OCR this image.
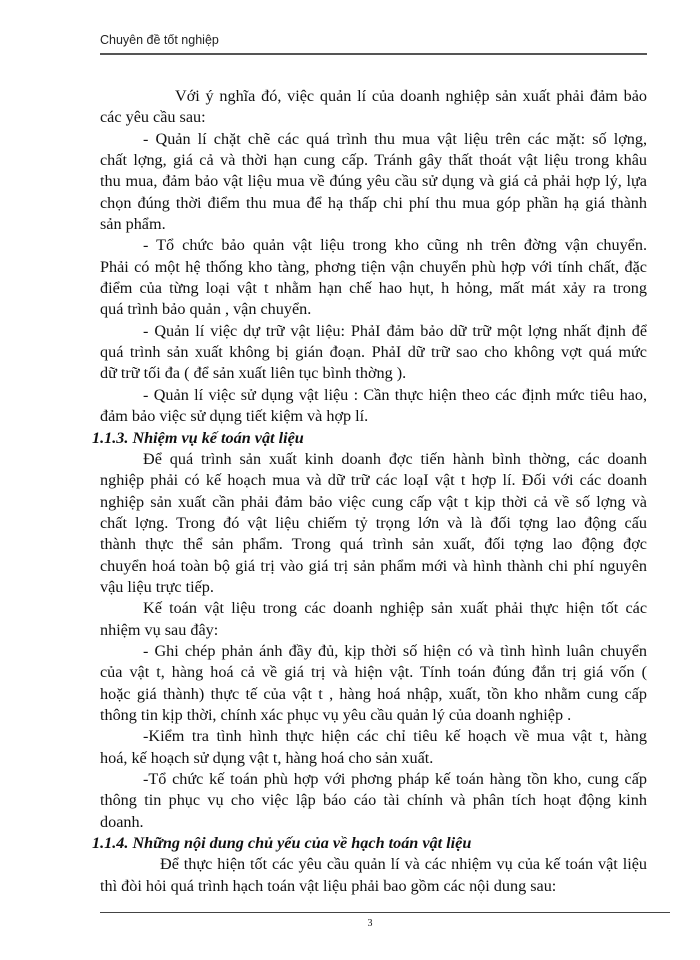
Chuyên đề tốt nghiệp
Với ý nghĩa đó, việc quản lí của doanh nghiệp sản xuất phải đảm bảo
các yêu cầu sau:
- Quản lí chặt chẽ các quá trình thu mua vật liệu trên các mặt: số lợng,
chất lợng, giá cả và thời hạn cung cấp. Tránh gây thất thoát vật liệu trong khâu
thu mua, đảm bảo vật liệu mua về đúng yêu cầu sử dụng và giá cả phải hợp lý, lựa
chọn đúng thời điểm thu mua để hạ thấp chi phí thu mua góp phần hạ giá thành
sản phẩm.
- Tổ chức bảo quản vật liệu trong kho cũng nh trên đờng vận chuyển.
Phải có một hệ thống kho tàng, phơng tiện vận chuyển phù hợp với tính chất, đặc
điểm của từng loại vật t nhằm hạn chế hao hụt, h hỏng, mất mát xảy ra trong
quá trình bảo quản , vận chuyển.
- Quản lí việc dự trữ vật liệu: PhảI đảm bảo dữ trữ một lợng nhất định để
quá trình sản xuất không bị gián đoạn. PhảI dữ trữ sao cho không vợt quá mức
dữ trữ tối đa ( để sản xuất liên tục bình thờng ).
- Quản lí việc sử dụng vật liệu : Cần thực hiện theo các định mức tiêu hao,
đảm bảo việc sử dụng tiết kiệm và hợp lí.
1.1.3. Nhiệm vụ kế toán vật liệu
Để quá trình sản xuất kinh doanh đợc tiến hành bình thờng, các doanh
nghiệp phải có kế hoạch mua và dữ trữ các loạI vật t hợp lí. Đối với các doanh
nghiệp sản xuất cần phải đảm bảo việc cung cấp vật t kịp thời cả về số lợng và
chất lợng. Trong đó vật liệu chiếm tỷ trọng lớn và là đối tợng lao động cấu
thành thực thể sản phẩm. Trong quá trình sản xuất, đối tợng lao động đợc
chuyển hoá toàn bộ giá trị vào giá trị sản phẩm mới và hình thành chi phí nguyên
vậu liệu trực tiếp.
Kế toán vật liệu trong các doanh nghiệp sản xuất phải thực hiện tốt các
nhiệm vụ sau đây:
- Ghi chép phản ánh đầy đủ, kịp thời số hiện có và tình hình luân chuyển
của vật t, hàng hoá cả về giá trị và hiện vật. Tính toán đúng đắn trị giá vốn (
hoặc giá thành) thực tế của vật t , hàng hoá nhập, xuất, tồn kho nhằm cung cấp
thông tin kịp thời, chính xác phục vụ yêu cầu quản lý của doanh nghiệp .
-Kiểm tra tình hình thực hiện các chỉ tiêu kế hoạch về mua vật t, hàng
hoá, kế hoạch sử dụng vật t, hàng hoá cho sản xuất.
-Tổ chức kế toán phù hợp với phơng pháp kế toán hàng tồn kho, cung cấp
thông tin phục vụ cho việc lập báo cáo tài chính và phân tích hoạt động kinh
doanh.
1.1.4. Những nội dung chủ yếu của về hạch toán vật liệu
Để thực hiện tốt các yêu cầu quản lí và các nhiệm vụ của kế toán vật liệu
thì đòi hỏi quá trình hạch toán vật liệu phải bao gồm các nội dung sau:
3
